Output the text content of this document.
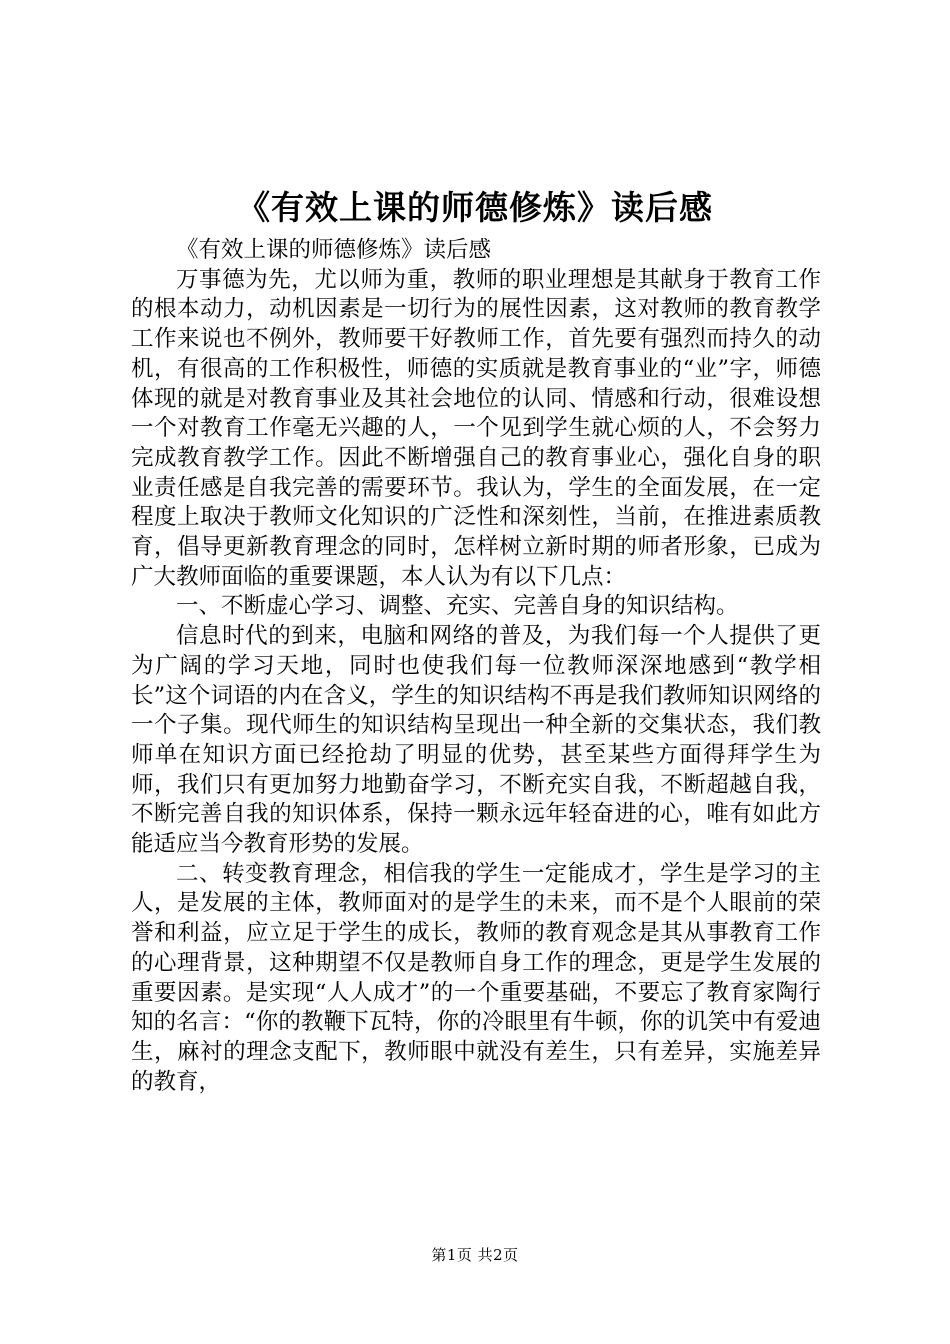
《有效上课的师德修炼》读后感

《有效上课的师德修炼》读后感

万事德为先，尤以师为重，教师的职业理想是其献身于教育工作的根本动力，动机因素是一切行为的展性因素，这对教师的教育教学工作来说也不例外，教师要干好教师工作，首先要有强烈而持久的动机，有很高的工作积极性，师德的实质就是教育事业的“业”字，师德体现的就是对教育事业及其社会地位的认同、情感和行动，很难设想一个对教育工作毫无兴趣的人，一个见到学生就心烦的人，不会努力完成教育教学工作。因此不断增强自己的教育事业心，强化自身的职业责任感是自我完善的需要环节。我认为，学生的全面发展，在一定程度上取决于教师文化知识的广泛性和深刻性，当前，在推进素质教育，倡导更新教育理念的同时，怎样树立新时期的师者形象，已成为广大教师面临的重要课题，本人认为有以下几点：

一、不断虚心学习、调整、充实、完善自身的知识结构。

信息时代的到来，电脑和网络的普及，为我们每一个人提供了更为广阔的学习天地，同时也使我们每一位教师深深地感到“教学相长”这个词语的内在含义，学生的知识结构不再是我们教师知识网络的一个子集。现代师生的知识结构呈现出一种全新的交集状态，我们教师单在知识方面已经抢劫了明显的优势，甚至某些方面得拜学生为师，我们只有更加努力地勤奋学习，不断充实自我，不断超越自我，不断完善自我的知识体系，保持一颗永远年轻奋进的心，唯有如此方能适应当今教育形势的发展。

二、转变教育理念，相信我的学生一定能成才，学生是学习的主人，是发展的主体，教师面对的是学生的未来，而不是个人眼前的荣誉和利益，应立足于学生的成长，教师的教育观念是其从事教育工作的心理背景，这种期望不仅是教师自身工作的理念，更是学生发展的重要因素。是实现“人人成才”的一个重要基础，不要忘了教育家陶行知的名言：“你的教鞭下瓦特，你的冷眼里有牛顿，你的讥笑中有爱迪生，麻衬的理念支配下，教师眼中就没有差生，只有差异，实施差异的教育，

第1页 共2页
